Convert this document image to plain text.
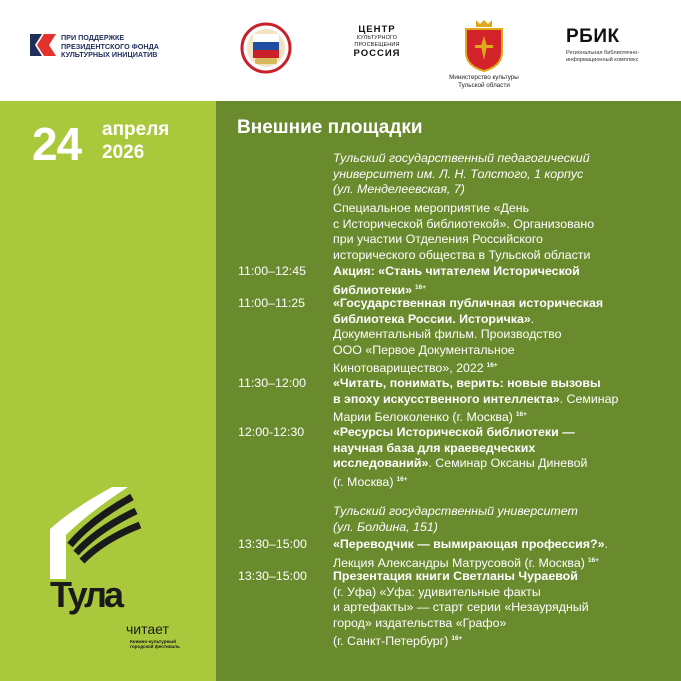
ПРИ ПОДДЕРЖКЕ
ПРЕЗИДЕНТСКОГО ФОНДА
КУЛЬТУРНЫХ ИНИЦИАТИВ
ЦЕНТР
КУЛЬТУРНОГО
ПРОСВЕЩЕНИЯ
РОССИЯ
Министерство культуры
Тульской области
РБИК
Региональная библиотечно-
информационный комплекс
24 апреля
2026
Тула
читает
Книжно-культурный
городской фестиваль
Внешние площадки
Тульский государственный педагогический
университет им. Л. Н. Толстого, 1 корпус
(ул. Менделеевская, 7)
Специальное мероприятие «День
с Исторической библиотекой». Организовано
при участии Отделения Российского
исторического общества в Тульской области
11:00–12:45	Акция: «Стань читателем Исторической
библиотеки» $^{16+}$
11:00–11:25	«Государственная публичная историческая
библиотека России. Историчка».
Документальный фильм. Производство
ООО «Первое Документальное
Кинотоварищество», 2022 $^{16+}$
11:30–12:00	«Читать, понимать, верить: новые вызовы
в эпоху искусственного интеллекта». Семинар
Марии Белоколенко (г. Москва) $^{16+}$
12:00-12:30	«Ресурсы Исторической библиотеки —
научная база для краеведческих
исследований». Семинар Оксаны Диневой
(г. Москва) $^{16+}$
Тульский государственный университет
(ул. Болдина, 151)
13:30–15:00	«Переводчик — вымирающая профессия?».
Лекция Александры Матрусовой (г. Москва) $^{16+}$
13:30–15:00	Презентация книги Светланы Чураевой
(г. Уфа) «Уфа: удивительные факты
и артефакты» — старт серии «Незаурядный
город» издательства «Графо»
(г. Санкт-Петербург) $^{16+}$
